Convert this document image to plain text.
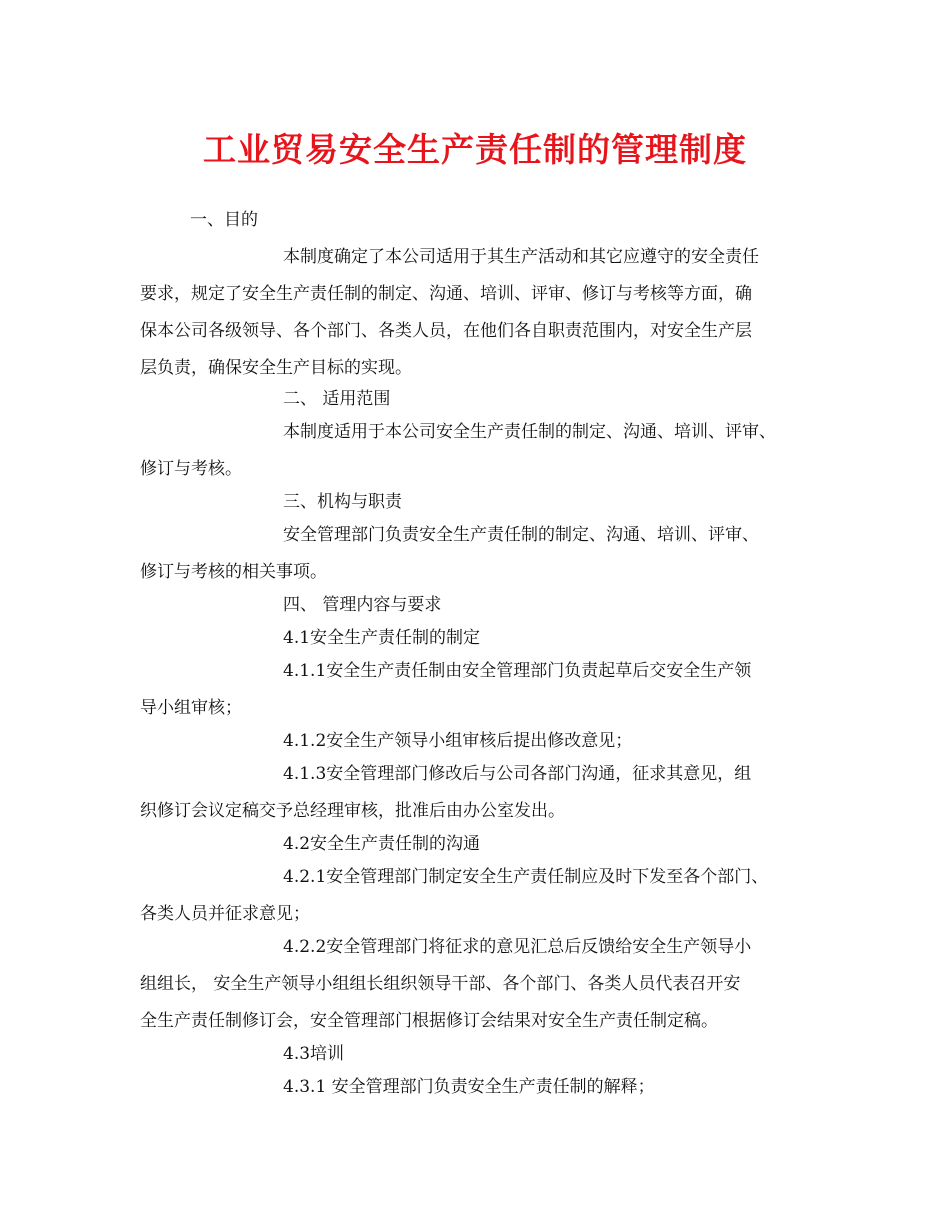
工业贸易安全生产责任制的管理制度
一、目的
本制度确定了本公司适用于其生产活动和其它应遵守的安全责任
要求，规定了安全生产责任制的制定、沟通、培训、评审、修订与考核等方面，确
保本公司各级领导、各个部门、各类人员，在他们各自职责范围内，对安全生产层
层负责，确保安全生产目标的实现。
二、 适用范围
本制度适用于本公司安全生产责任制的制定、沟通、培训、评审、
修订与考核。
三、机构与职责
安全管理部门负责安全生产责任制的制定、沟通、培训、评审、
修订与考核的相关事项。
四、 管理内容与要求
4.1安全生产责任制的制定
4.1.1安全生产责任制由安全管理部门负责起草后交安全生产领
导小组审核；
4.1.2安全生产领导小组审核后提出修改意见；
4.1.3安全管理部门修改后与公司各部门沟通，征求其意见，组
织修订会议定稿交予总经理审核，批准后由办公室发出。
4.2安全生产责任制的沟通
4.2.1安全管理部门制定安全生产责任制应及时下发至各个部门、
各类人员并征求意见；
4.2.2安全管理部门将征求的意见汇总后反馈给安全生产领导小
组组长， 安全生产领导小组组长组织领导干部、各个部门、各类人员代表召开安
全生产责任制修订会，安全管理部门根据修订会结果对安全生产责任制定稿。
4.3培训
4.3.1 安全管理部门负责安全生产责任制的解释；
